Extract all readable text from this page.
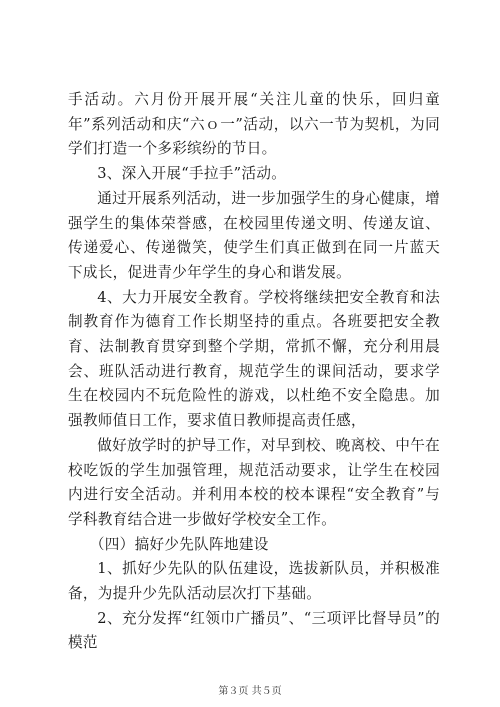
手活动。六月份开展开展“关注儿童的快乐，回归童年”系列活动和庆“六ｏ一”活动，以六一节为契机，为同学们打造一个多彩缤纷的节日。

3、深入开展“手拉手”活动。

通过开展系列活动，进一步加强学生的身心健康，增强学生的集体荣誉感，在校园里传递文明、传递友谊、传递爱心、传递微笑，使学生们真正做到在同一片蓝天下成长，促进青少年学生的身心和谐发展。

4、大力开展安全教育。学校将继续把安全教育和法制教育作为德育工作长期坚持的重点。各班要把安全教育、法制教育贯穿到整个学期，常抓不懈，充分利用晨会、班队活动进行教育，规范学生的课间活动，要求学生在校园内不玩危险性的游戏，以杜绝不安全隐患。加强教师值日工作，要求值日教师提高责任感，

做好放学时的护导工作，对早到校、晚离校、中午在校吃饭的学生加强管理，规范活动要求，让学生在校园内进行安全活动。并利用本校的校本课程“安全教育”与学科教育结合进一步做好学校安全工作。

（四）搞好少先队阵地建设

1、抓好少先队的队伍建设，选拔新队员，并积极准备，为提升少先队活动层次打下基础。

2、充分发挥“红领巾广播员”、“三项评比督导员”的模范

第３页 共５页
